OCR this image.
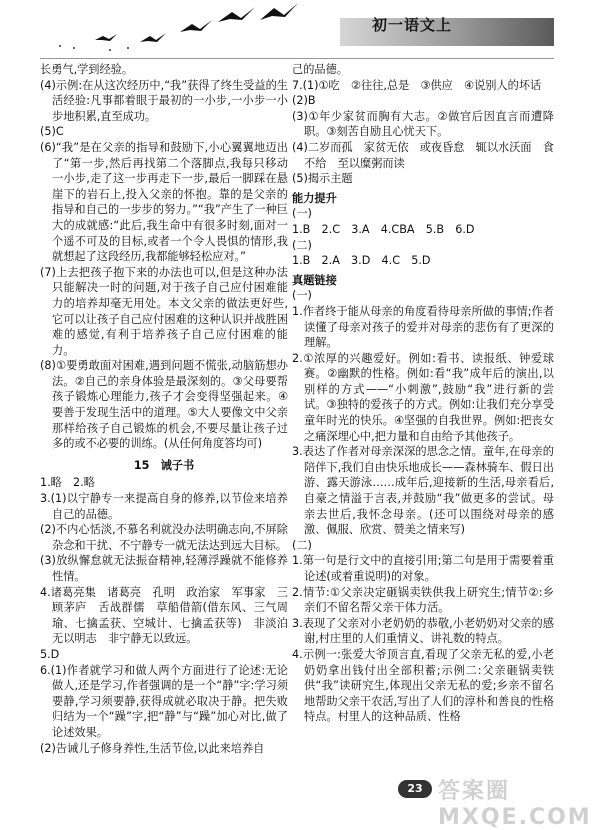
初一语文上

长勇气,学到经验。

(4)示例:在从这次经历中,“我”获得了终生受益的生活经验:凡事都着眼于最初的一小步,一小步一小步地积累,直至成功。

(5)C

(6)“我”是在父亲的指导和鼓励下,小心翼翼地迈出了“第一步,然后再找第二个落脚点,我每只移动一小步,走了这一步再走下一步,最后一脚踩在悬崖下的岩石上,投入父亲的怀抱。靠的是父亲的指导和自己的一步步的努力。”“我”产生了一种巨大的成就感:“此后,我生命中有很多时刻,面对一个遥不可及的目标,或者一个令人畏惧的情形,我就想起了这段经历,我都能够轻松应对。”

(7)上去把孩子抱下来的办法也可以,但是这种办法只能解决一时的问题,对于孩子自己应付困难能力的培养却毫无用处。本文父亲的做法更好些,它可以让孩子自己应付困难的这种认识并战胜困难的感觉,有利于培养孩子自己应付困难的能力。

(8)①要勇敢面对困难,遇到问题不慌张,动脑筋想办法。②自己的亲身体验是最深刻的。③父母要帮孩子锻炼心理能力,孩子才会变得坚强起来。④要善于发现生活中的道理。⑤大人要像文中父亲那样给孩子自己锻炼的机会,不要尽量让孩子过多的或不必要的训练。(从任何角度答均可)

15　诫子书

1.略　2.略

3.(1)以宁静专一来提高自身的修养,以节俭来培养自己的品德。

(2)不内心恬淡,不慕名利就没办法明确志向,不屏除杂念和干扰、不宁静专一就无法达到远大目标。

(3)放纵懈怠就无法振奋精神,轻薄浮躁就不能修养性情。

4.诸葛亮集　诸葛亮　孔明　政治家　军事家　三顾茅庐　舌战群儒　草船借箭(借东风、三气周瑜、七擒孟获、空城计、七擒孟获等)　非淡泊无以明志　非宁静无以致远。

5.D

6.(1)作者就学习和做人两个方面进行了论述:无论做人,还是学习,作者强调的是一个“静”字:学习须要静,学习须要静,获得成就必取决于静。把失败归结为一个“躁”字,把“静”与“躁”加心对比,做了论述效果。

(2)告诫儿子修身养性,生活节俭,以此来培养自

己的品德。

7.(1)①吃　②往往,总是　③供应　④说别人的坏话

(2)B

(3)①年少家贫而胸有大志。②做官后因直言而遭降职。③刻苦自励且心忧天下。

(4)二岁而孤　家贫无依　或夜昏怠　辄以水沃面　食不给　至以糜粥而读

(5)揭示主题

能力提升

(一)

1.B　2.C　3.A　4.CBA　5.B　6.D

(二)

1.B　2.A　3.D　4.C　5.D

真题链接

(一)

1.作者终于能从母亲的角度看待母亲所做的事情;作者读懂了母亲对孩子的爱并对母亲的悲伤有了更深的理解。

2.①浓厚的兴趣爱好。例如:看书、读报纸、钟爱球赛。②幽默的性格。例如:看“我”成年后的演出,以别样的方式——“小刺激”,鼓励“我”进行新的尝试。③独特的爱孩子的方式。例如:让我们充分享受童年时光的快乐。④坚强的自我世界。例如:把丧女之痛深埋心中,把力量和自由给予其他孩子。

3.表达了作者对母亲深深的思念之情。童年,在母亲的陪伴下,我们自由快乐地成长——森林骑车、假日出游、露天游泳……成年后,迎接新的生活,母亲看后,自豪之情溢于言表,并鼓励“我”做更多的尝试。母亲去世后,我怀念母亲。(还可以围绕对母亲的感激、佩服、欣赏、赞美之情来写)

(二)

1.第一句是行文中的直接引用;第二句是用于需要着重论述(或着重说明)的对象。

2.情节:①父亲决定砸锅卖铁供我上研究生;情节②:乡亲们不留名帮父亲干体力活。

3.表现了父亲对小老奶奶的恭敬,小老奶奶对父亲的感谢,村庄里的人们重情义、讲礼数的特点。

4.示例一:张爱大爷顶言直,看现了父亲无私的爱,小老奶奶拿出钱付出全部积蓄;示例二:父亲砸锅卖铁供“我”读研究生,体现出父亲无私的爱;乡亲不留名地帮助父亲干农活,写出了人们的淳朴和善良的性格特点。村里人的这种品质、性格

23 答案圈 MXQE.COM
